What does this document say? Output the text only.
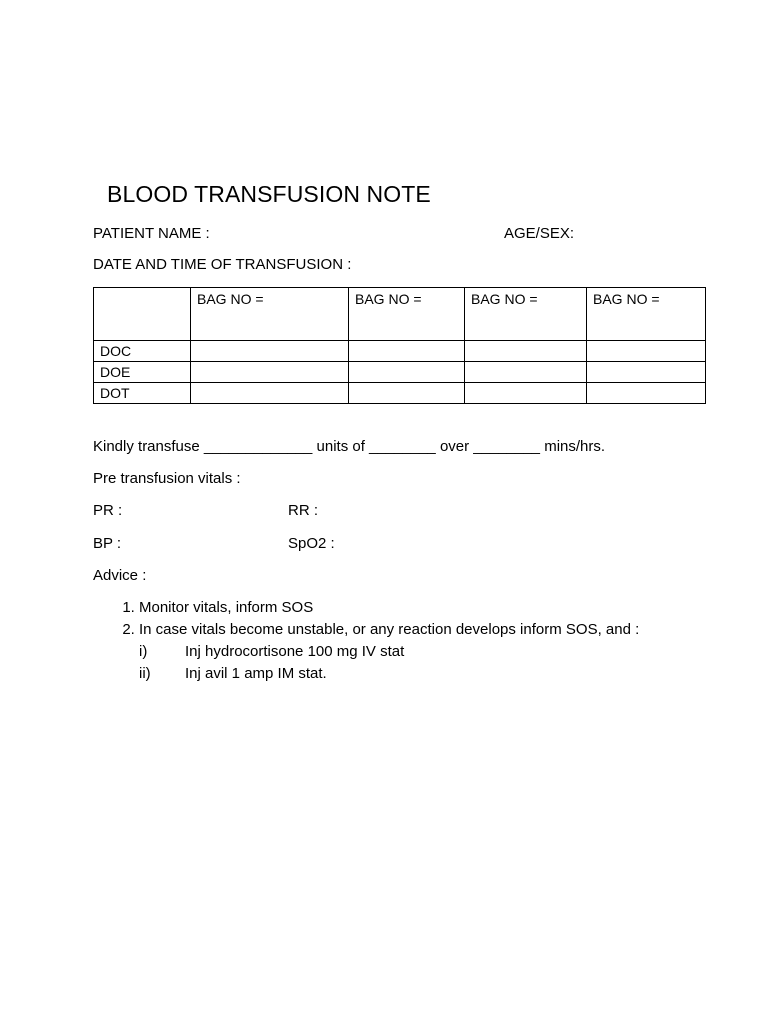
BLOOD TRANSFUSION NOTE
PATIENT NAME :	AGE/SEX:
DATE AND TIME OF TRANSFUSION :
	BAG NO =	BAG NO =	BAG NO =	BAG NO =
DOC				
DOE				
DOT				
Kindly transfuse _____________ units of ________ over ________ mins/hrs.
Pre transfusion vitals :
PR :	RR :
BP :	SpO2 :
Advice :
1. Monitor vitals, inform SOS
2. In case vitals become unstable, or any reaction develops inform SOS, and :
i)	Inj hydrocortisone 100 mg IV stat
ii) Inj avil 1 amp IM stat.
